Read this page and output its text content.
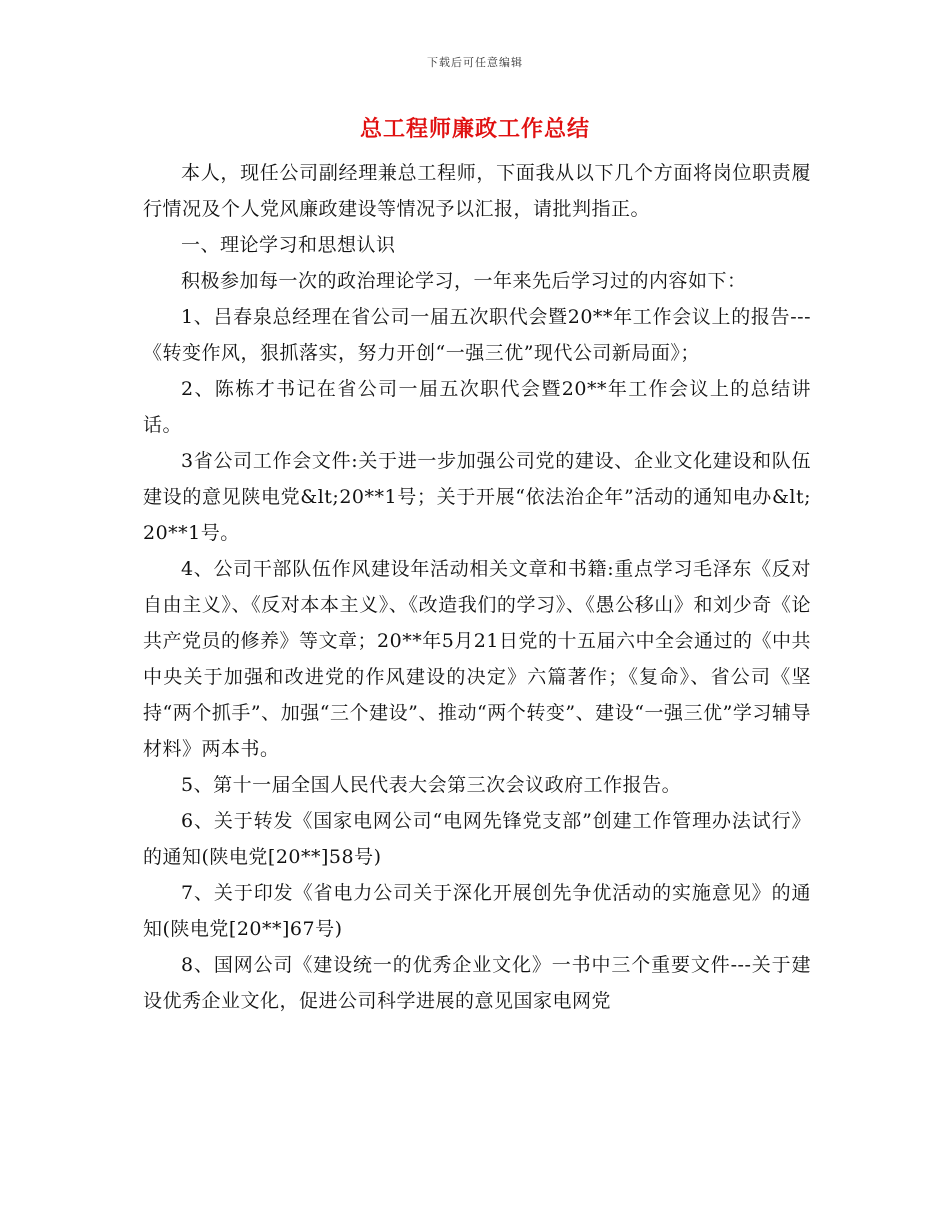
下载后可任意编辑
总工程师廉政工作总结

本人，现任公司副经理兼总工程师，下面我从以下几个方面将岗位职责履行情况及个人党风廉政建设等情况予以汇报，请批判指正。

一、理论学习和思想认识

积极参加每一次的政治理论学习，一年来先后学习过的内容如下：

1、吕春泉总经理在省公司一届五次职代会暨20**年工作会议上的报告---《转变作风，狠抓落实，努力开创“一强三优”现代公司新局面》；

2、陈栋才书记在省公司一届五次职代会暨20**年工作会议上的总结讲话。

3省公司工作会文件:关于进一步加强公司党的建设、企业文化建设和队伍建设的意见陕电党&lt;20**1号；关于开展“依法治企年”活动的通知电办&lt;20**1号。

4、公司干部队伍作风建设年活动相关文章和书籍:重点学习毛泽东《反对自由主义》、《反对本本主义》、《改造我们的学习》、《愚公移山》和刘少奇《论共产党员的修养》等文章；20**年5月21日党的十五届六中全会通过的《中共中央关于加强和改进党的作风建设的决定》六篇著作；《复命》、省公司《坚持“两个抓手”、加强“三个建设”、推动“两个转变”、建设“一强三优”学习辅导材料》两本书。

5、第十一届全国人民代表大会第三次会议政府工作报告。

6、关于转发《国家电网公司“电网先锋党支部”创建工作管理办法试行》的通知(陕电党[20**]58号)

7、关于印发《省电力公司关于深化开展创先争优活动的实施意见》的通知(陕电党[20**]67号)

8、国网公司《建设统一的优秀企业文化》一书中三个重要文件---关于建设优秀企业文化，促进公司科学进展的意见国家电网党
